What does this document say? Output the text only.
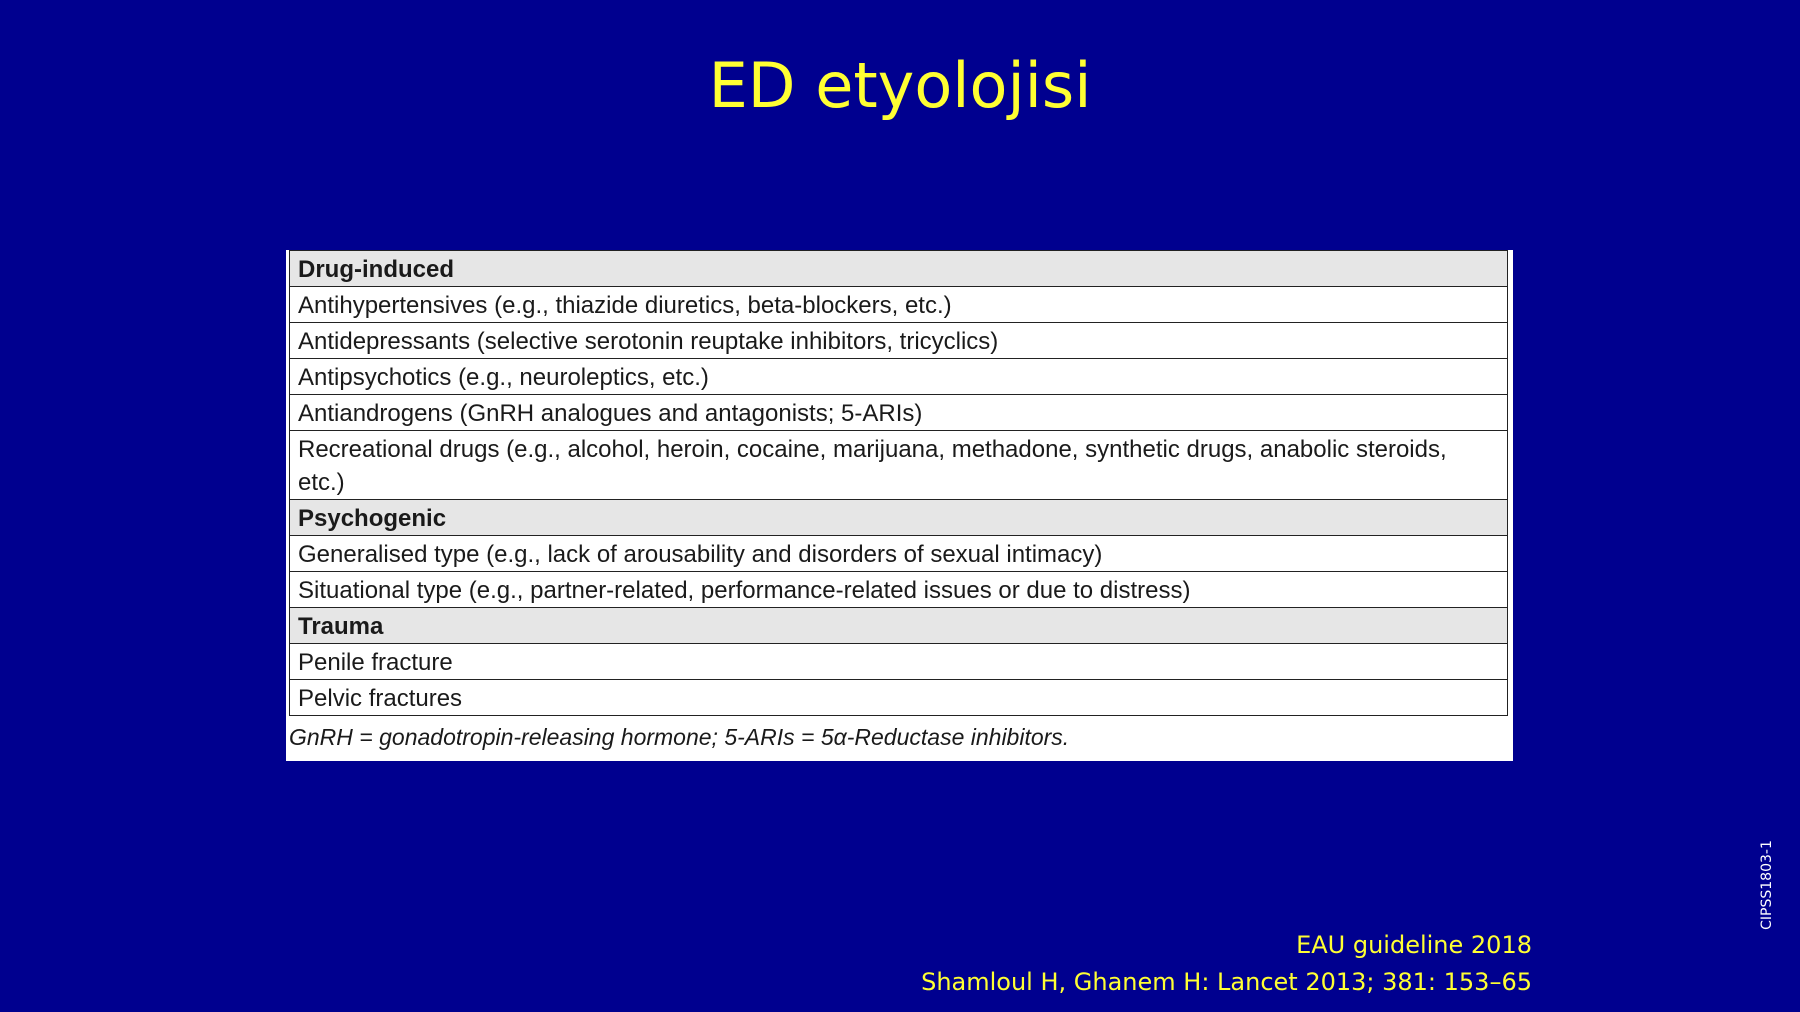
ED etyolojisi
Drug-induced
Antihypertensives (e.g., thiazide diuretics, beta-blockers, etc.)
Antidepressants (selective serotonin reuptake inhibitors, tricyclics)
Antipsychotics (e.g., neuroleptics, etc.)
Antiandrogens (GnRH analogues and antagonists; 5-ARIs)
Recreational drugs (e.g., alcohol, heroin, cocaine, marijuana, methadone, synthetic drugs, anabolic steroids, etc.)
Psychogenic
Generalised type (e.g., lack of arousability and disorders of sexual intimacy)
Situational type (e.g., partner-related, performance-related issues or due to distress)
Trauma
Penile fracture
Pelvic fractures
GnRH = gonadotropin-releasing hormone; 5-ARIs = 5α-Reductase inhibitors.
EAU guideline 2018
Shamloul H, Ghanem H: Lancet 2013; 381: 153–65
CIPSS1803-1
